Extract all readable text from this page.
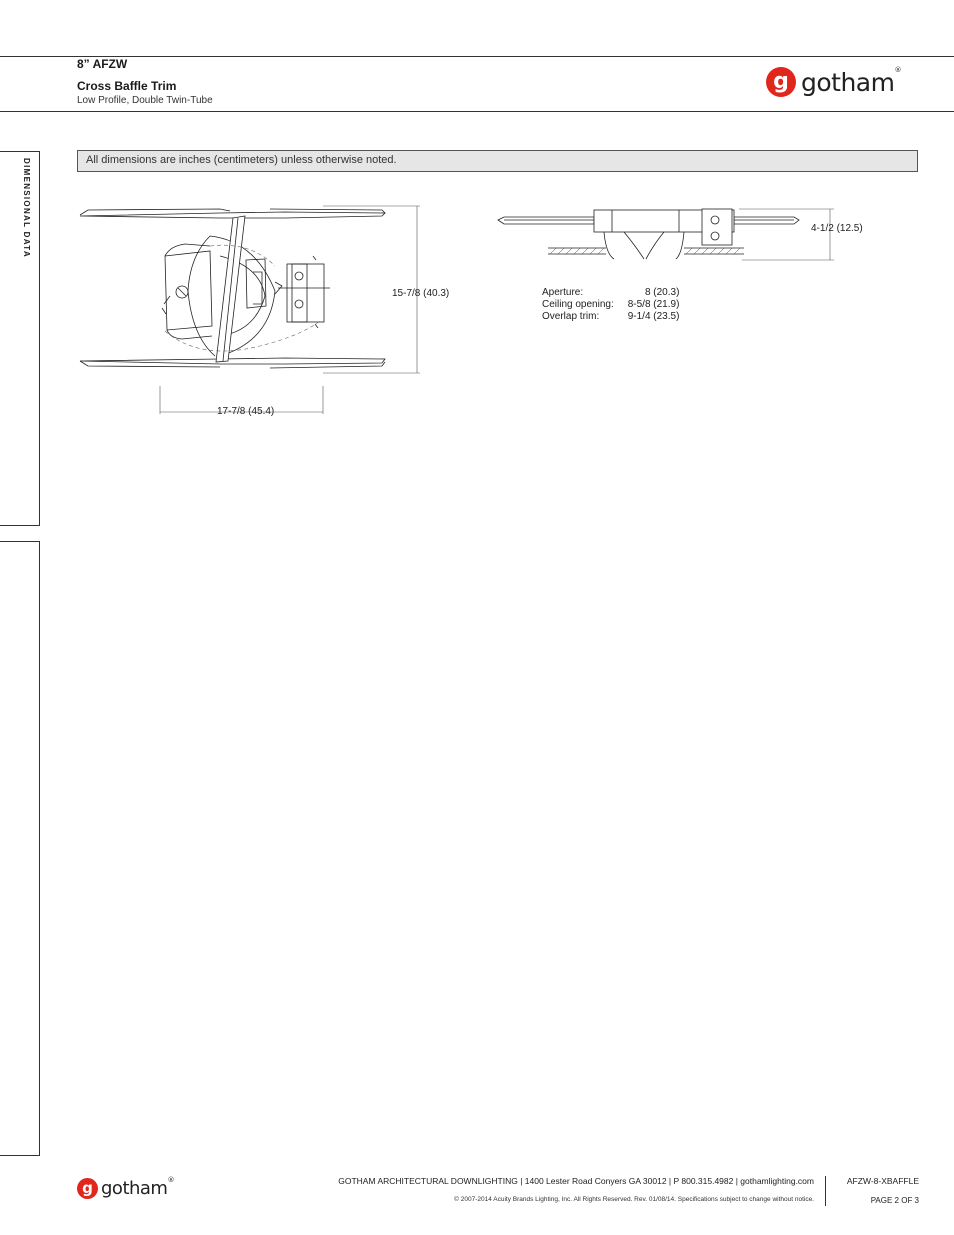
8” AFZW
Cross Baffle Trim
Low Profile, Double Twin-Tube
g gotham®
DIMENSIONAL DATA	All dimensions are inches (centimeters) unless otherwise noted.
15-7/8 (40.3)
17-7/8 (45.4)
4-1/2 (12.5)
Aperture:	8 (20.3)
Ceiling opening:	8-5/8 (21.9)
Overlap trim:	9-1/4 (23.5)
g gotham®	GOTHAM ARCHITECTURAL DOWNLIGHTING | 1400 Lester Road Conyers GA 30012 | P 800.315.4982 | gothamlighting.com
© 2007-2014 Acuity Brands Lighting, Inc. All Rights Reserved. Rev. 01/08/14. Specifications subject to change without notice.
AFZW-8-XBAFFLE
PAGE 2 OF 3
